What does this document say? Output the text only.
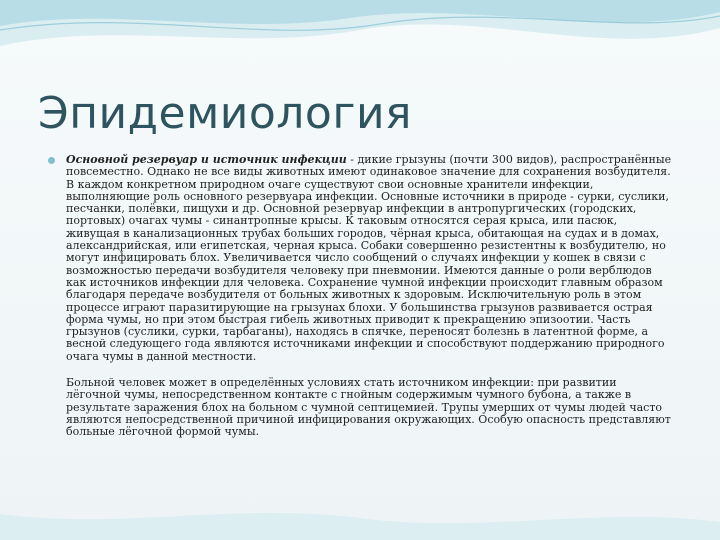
Эпидемиология
Основной резервуар и источник инфекции - дикие грызуны (почти 300 видов), распространённые повсеместно. Однако не все виды животных имеют одинаковое значение для сохранения возбудителя. В каждом конкретном природном очаге существуют свои основные хранители инфекции, выполняющие роль основного резервуара инфекции. Основные источники в природе - сурки, суслики, песчанки, полёвки, пищухи и др. Основной резервуар инфекции в антропургических (городских, портовых) очагах чумы - синантропные крысы. К таковым относятся серая крыса, или пасюк, живущая в канализационных трубах больших городов, чёрная крыса, обитающая на судах и в домах, александрийская, или египетская, черная крыса. Собаки совершенно резистентны к возбудителю, но могут инфицировать блох. Увеличивается число сообщений о случаях инфекции у кошек в связи с возможностью передачи возбудителя человеку при пневмонии. Имеются данные о роли верблюдов как источников инфекции для человека. Сохранение чумной инфекции происходит главным образом благодаря передаче возбудителя от больных животных к здоровым. Исключительную роль в этом процессе играют паразитирующие на грызунах блохи. У большинства грызунов развивается острая форма чумы, но при этом быстрая гибель животных приводит к прекращению эпизоотии. Часть грызунов (суслики, сурки, тарбаганы), находясь в спячке, переносят болезнь в латентной форме, а весной следующего года являются источниками инфекции и способствуют поддержанию природного очага чумы в данной местности.
Больной человек может в определённых условиях стать источником инфекции: при развитии лёгочной чумы, непосредственном контакте с гнойным содержимым чумного бубона, а также в результате заражения блох на больном с чумной септицемией. Трупы умерших от чумы людей часто являются непосредственной причиной инфицирования окружающих. Особую опасность представляют больные лёгочной формой чумы.
